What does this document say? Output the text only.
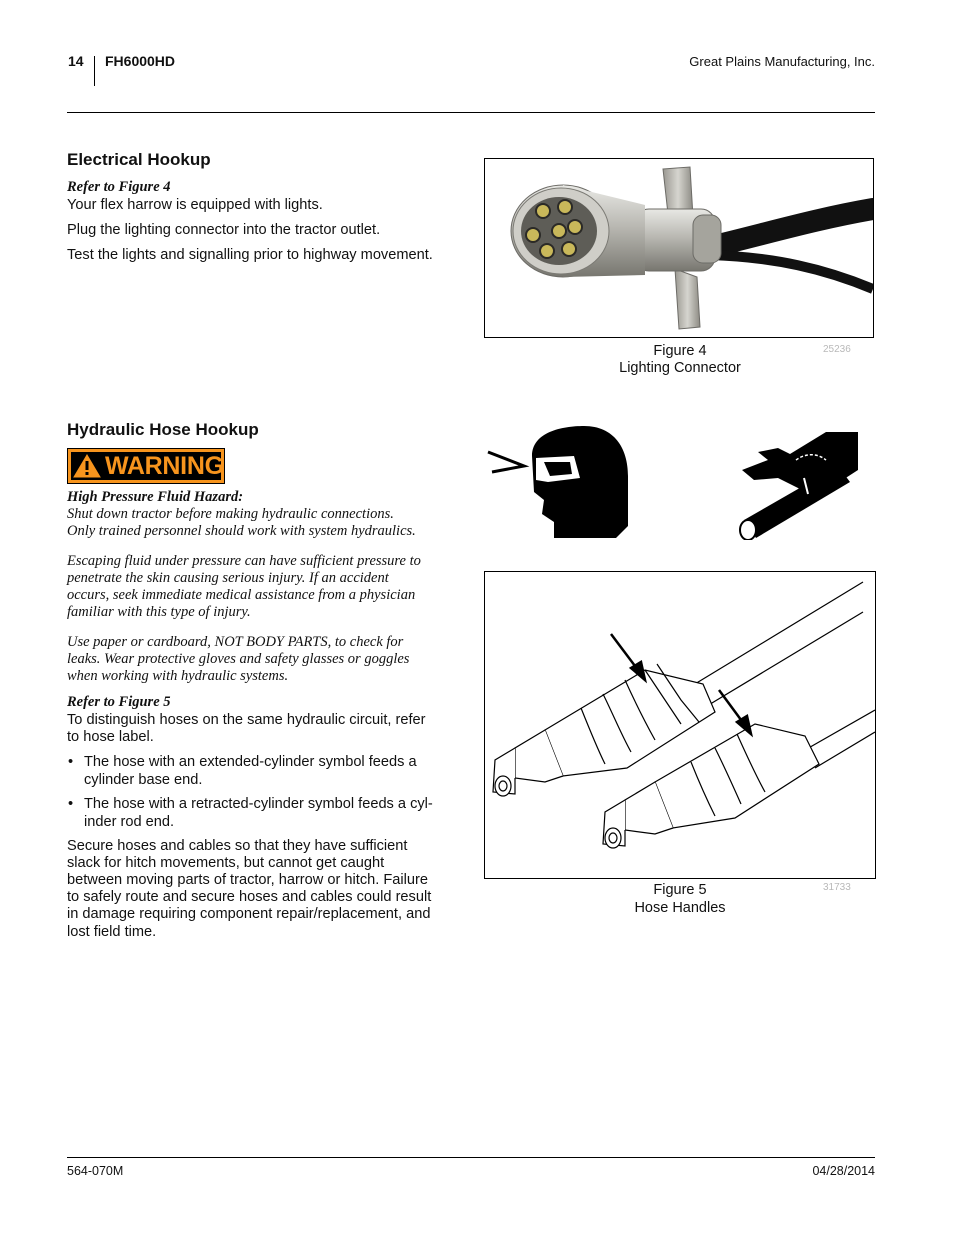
14 FH6000HD	Great Plains Manufacturing, Inc.
Electrical Hookup
Refer to Figure 4
Your flex harrow is equipped with lights.
Plug the lighting connector into the tractor outlet.
Test the lights and signalling prior to highway movement.
Figure 4
Lighting Connector
25236
Hydraulic Hose Hookup
WARNING
High Pressure Fluid Hazard:
Shut down tractor before making hydraulic connections.
Only trained personnel should work with system hydraulics.
Escaping fluid under pressure can have sufficient pressure to
penetrate the skin causing serious injury. If an accident
occurs, seek immediate medical assistance from a physician
familiar with this type of injury.
Use paper or cardboard, NOT BODY PARTS, to check for
leaks. Wear protective gloves and safety glasses or goggles
when working with hydraulic systems.
Refer to Figure 5
To distinguish hoses on the same hydraulic circuit, refer
to hose label.
• The hose with an extended-cylinder symbol feeds a
cylinder base end.
• The hose with a retracted-cylinder symbol feeds a cyl-
inder rod end.
Secure hoses and cables so that they have sufficient
slack for hitch movements, but cannot get caught
between moving parts of tractor, harrow or hitch. Failure
to safely route and secure hoses and cables could result
in damage requiring component repair/replacement, and
lost field time.
Figure 5
Hose Handles
31733
564-070M	04/28/2014
